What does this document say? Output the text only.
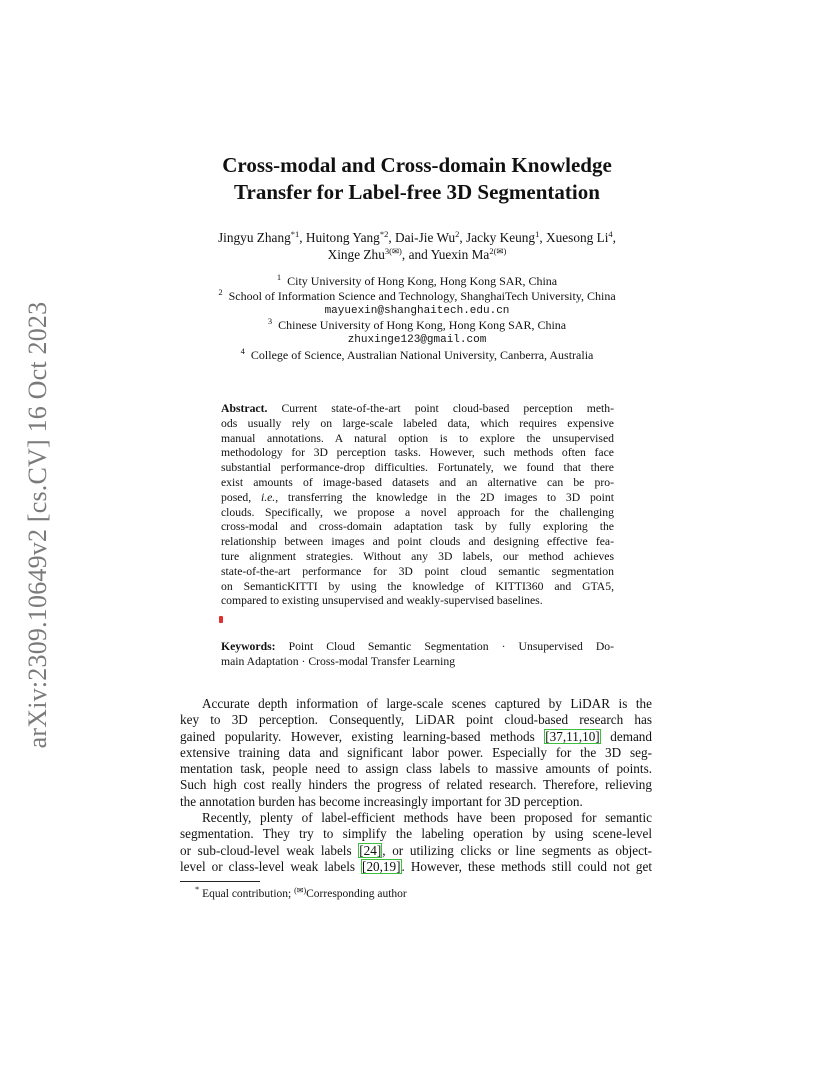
arXiv:2309.10649v2 [cs.CV] 16 Oct 2023
Cross-modal and Cross-domain Knowledge
Transfer for Label-free 3D Segmentation
Jingyu Zhang$^{*1}$, Huitong Yang$^{*2}$, Dai-Jie Wu$^2$, Jacky Keung$^1$, Xuesong Li$^4$,
Xinge Zhu$^{3(✉)}$, and Yuexin $Ma^{2(✉)}$
$^1$ City University of Hong Kong, Hong Kong SAR, China
$^2$ School of Information Science and Technology, ShanghaiTech University, China
mayuexin@shanghaitech.edu.cn
$^3$ Chinese University of Hong Kong, Hong Kong SAR, China
zhuxinge123@gmail.com
$^4$ College of Science, Australian National University, Canberra, Australia
Abstract. Current state-of-the-art point cloud-based perception meth-
ods usually rely on large-scale labeled data, which requires expensive
manual annotations. A natural option is to explore the unsupervised
methodology for 3D perception tasks. However, such methods often face
substantial performance-drop difficulties. Fortunately, we found that there
exist amounts of image-based datasets and an alternative can be pro-
posed, i.e., transferring the knowledge in the 2D images to 3D point
clouds. Specifically, we propose a novel approach for the challenging
cross-modal and cross-domain adaptation task by fully exploring the
relationship between images and point clouds and designing effective fea-
ture alignment strategies. Without any 3D labels, our method achieves
state-of-the-art performance for 3D point cloud semantic segmentation
on SemanticKITTI by using the knowledge of KITTI360 and GTA5,
compared to existing unsupervised and weakly-supervised baselines.
Keywords: Point Cloud Semantic Segmentation · Unsupervised Do-
main Adaptation · Cross-modal Transfer Learning
Accurate depth information of large-scale scenes captured by LiDAR is the
key to 3D perception. Consequently, LiDAR point cloud-based research has
gained popularity. However, existing learning-based methods [37,11,10] demand
extensive training data and significant labor power. Especially for the 3D seg-
mentation task, people need to assign class labels to massive amounts of points.
Such high cost really hinders the progress of related research. Therefore, relieving
the annotation burden has become increasingly important for 3D perception.
Recently, plenty of label-efficient methods have been proposed for semantic
segmentation. They try to simplify the labeling operation by using scene-level
or sub-cloud-level weak labels [24], or utilizing clicks or line segments as object-
level or class-level weak labels [20,19]. However, these methods still could not get
* Equal contribution; (✉)Corresponding author
